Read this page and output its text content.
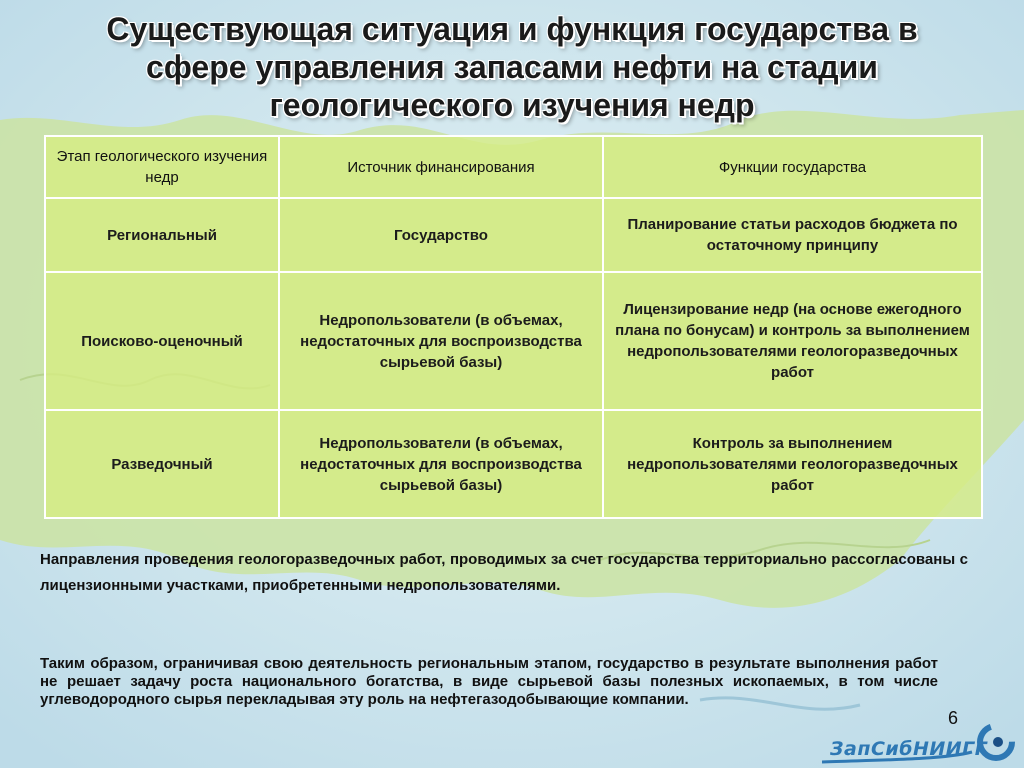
Существующая ситуация и функция государства в
сфере управления запасами нефти на стадии
геологического изучения недр
Этап геологического изучения недр	Источник финансирования	Функции государства
Региональный	Государство	Планирование статьи расходов бюджета по остаточному принципу
Поисково-оценочный	Недропользователи (в объемах, недостаточных для воспроизводства сырьевой базы)	Лицензирование недр (на основе ежегодного плана по бонусам) и контроль за выполнением недропользователями геологоразведочных работ
Разведочный	Недропользователи (в объемах, недостаточных для воспроизводства сырьевой базы)	Контроль за выполнением недропользователями геологоразведочных работ

Направления проведения геологоразведочных работ, проводимых за счет государства территориально рассогласованы с лицензионными участками, приобретенными недропользователями.

Таким образом, ограничивая свою деятельность региональным этапом, государство в результате выполнения работ не решает задачу роста национального богатства, в виде сырьевой базы полезных ископаемых, в том числе углеводородного сырья перекладывая эту роль на нефтегазодобывающие компании.

6
ЗапСибНИИГГ
